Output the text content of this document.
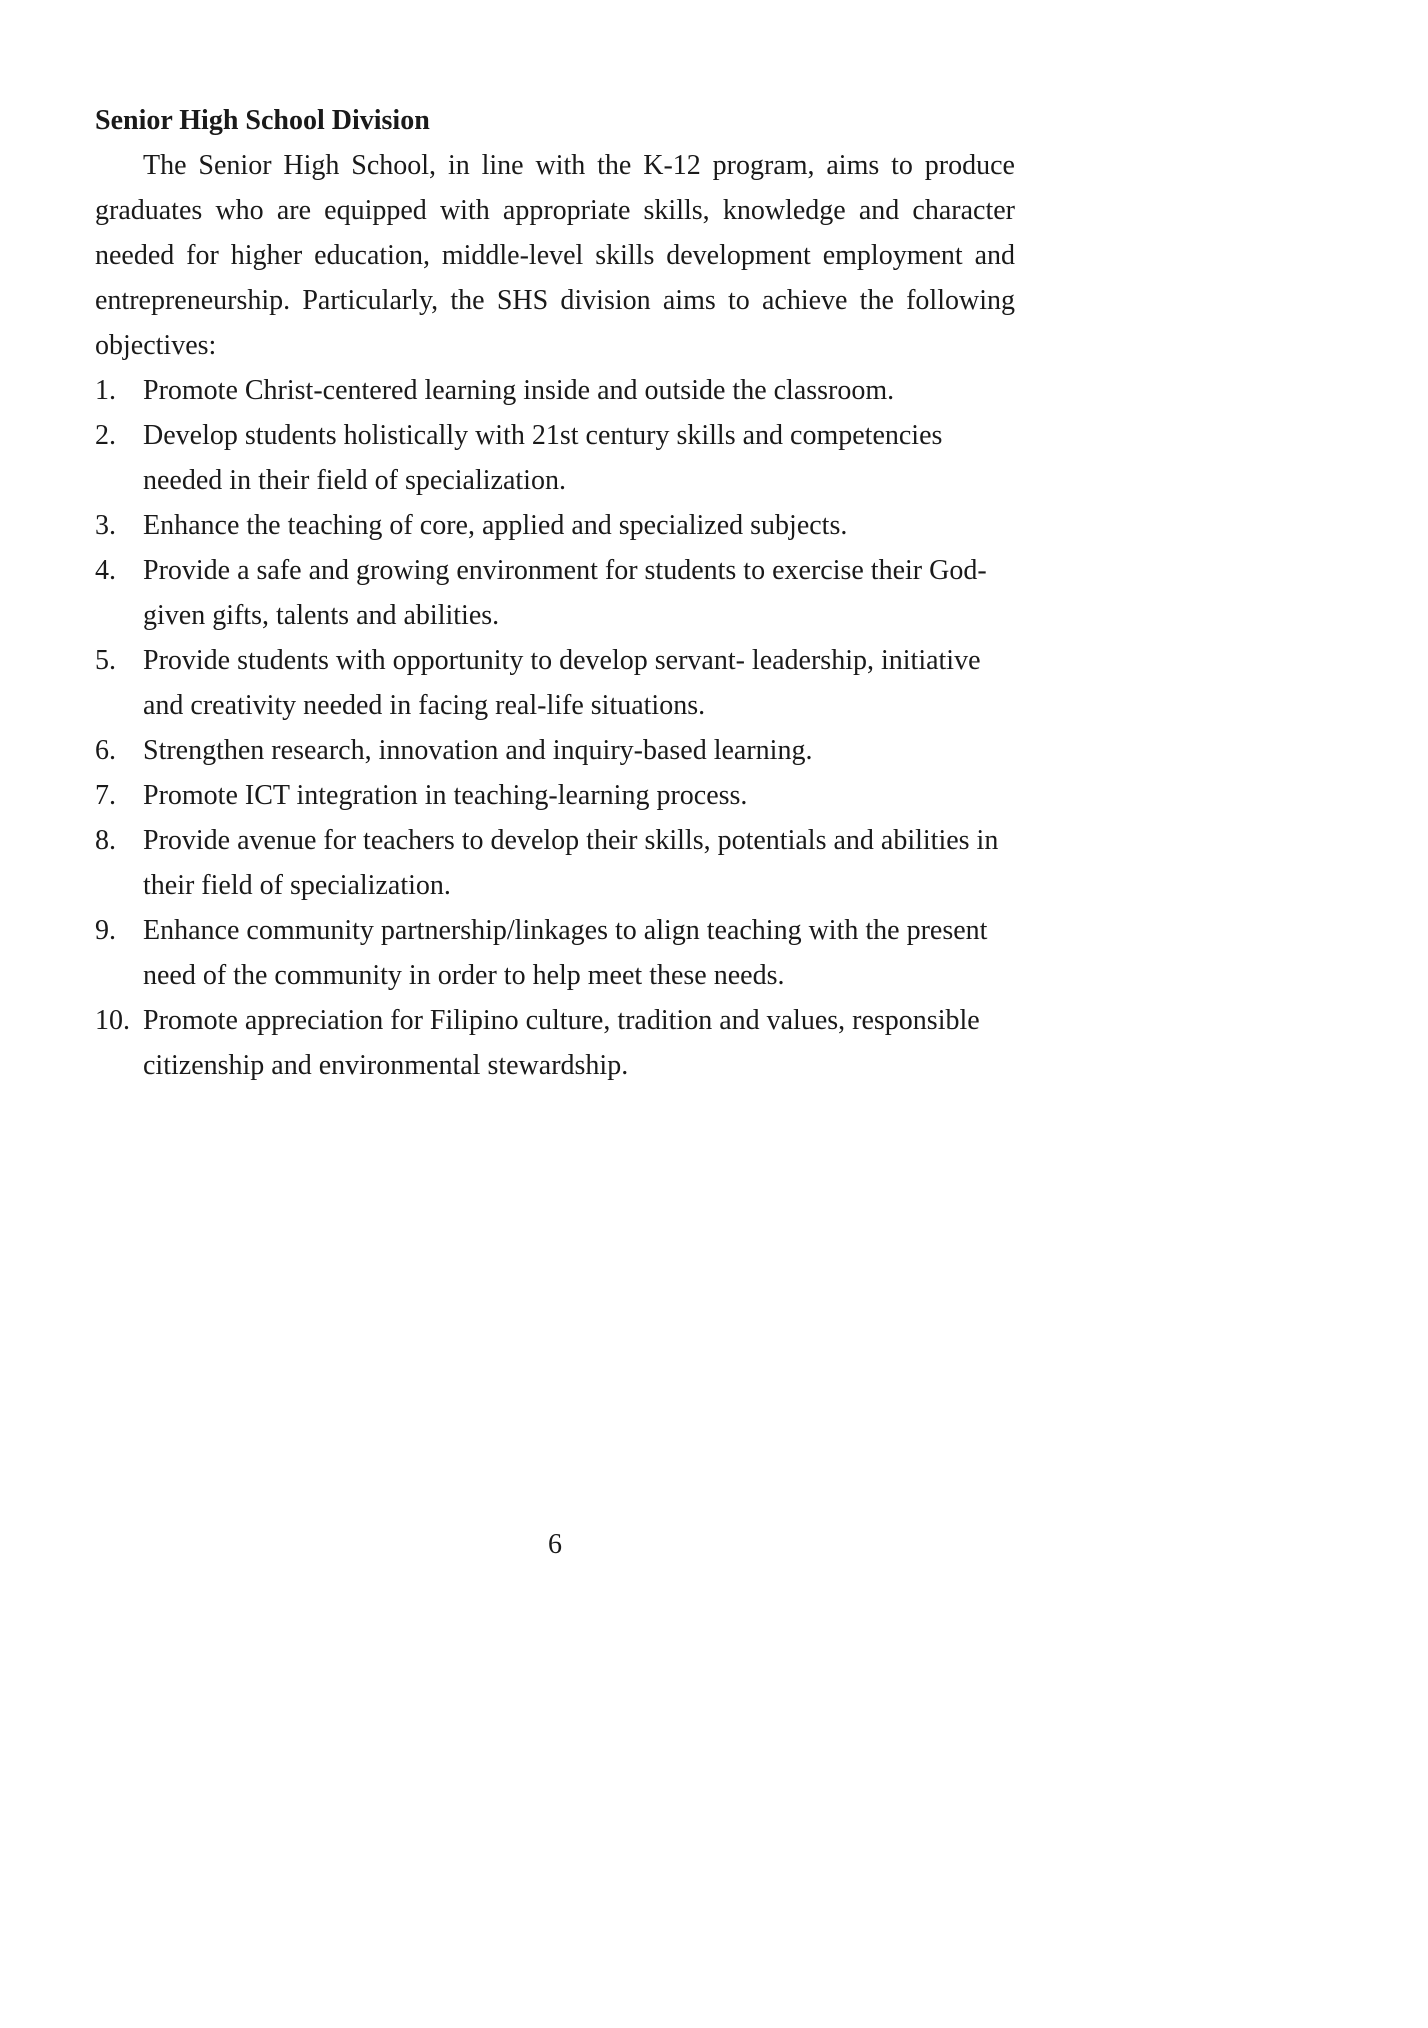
Senior High School Division

The Senior High School, in line with the K-12 program, aims to produce graduates who are equipped with appropriate skills, knowledge and character needed for higher education, middle-level skills development employment and entrepreneurship. Particularly, the SHS division aims to achieve the following objectives:

1. Promote Christ-centered learning inside and outside the classroom.
2. Develop students holistically with 21st century skills and competencies needed in their field of specialization.
3. Enhance the teaching of core, applied and specialized subjects.
4. Provide a safe and growing environment for students to exercise their God-given gifts, talents and abilities.
5. Provide students with opportunity to develop servant- leadership, initiative and creativity needed in facing real-life situations.
6. Strengthen research, innovation and inquiry-based learning.
7. Promote ICT integration in teaching-learning process.
8. Provide avenue for teachers to develop their skills, potentials and abilities in their field of specialization.
9. Enhance community partnership/linkages to align teaching with the present need of the community in order to help meet these needs.
10. Promote appreciation for Filipino culture, tradition and values, responsible citizenship and environmental stewardship.
6
